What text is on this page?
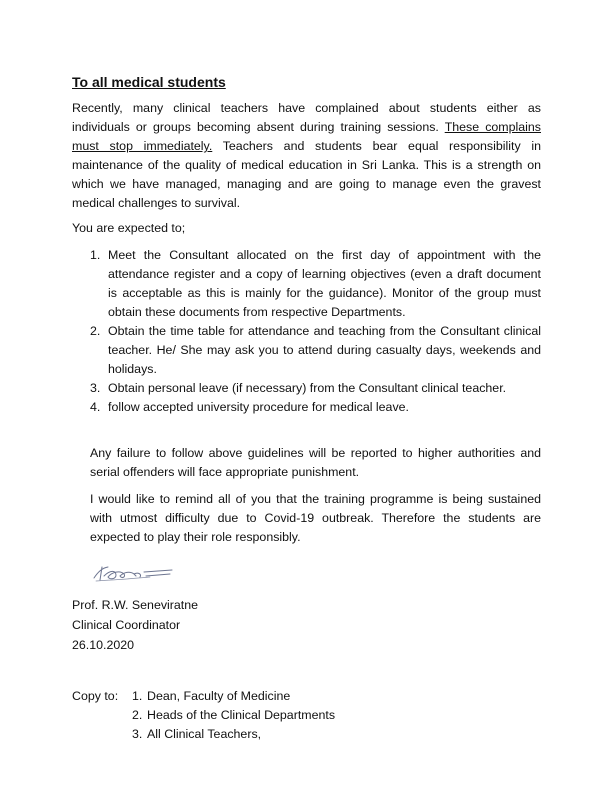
To all medical students

Recently, many clinical teachers have complained about students either as individuals or groups becoming absent during training sessions. These complains must stop immediately. Teachers and students bear equal responsibility in maintenance of the quality of medical education in Sri Lanka. This is a strength on which we have managed, managing and are going to manage even the gravest medical challenges to survival.

You are expected to;

1. Meet the Consultant allocated on the first day of appointment with the attendance register and a copy of learning objectives (even a draft document is acceptable as this is mainly for the guidance). Monitor of the group must obtain these documents from respective Departments.
2. Obtain the time table for attendance and teaching from the Consultant clinical teacher. He/ She may ask you to attend during casualty days, weekends and holidays.
3. Obtain personal leave (if necessary) from the Consultant clinical teacher.
4. follow accepted university procedure for medical leave.

Any failure to follow above guidelines will be reported to higher authorities and serial offenders will face appropriate punishment.

I would like to remind all of you that the training programme is being sustained with utmost difficulty due to Covid-19 outbreak. Therefore the students are expected to play their role responsibly.

Prof. R.W. Seneviratne
Clinical Coordinator
26.10.2020
Copy to:	1. Dean, Faculty of Medicine
2. Heads of the Clinical Departments
3. All Clinical Teachers,
